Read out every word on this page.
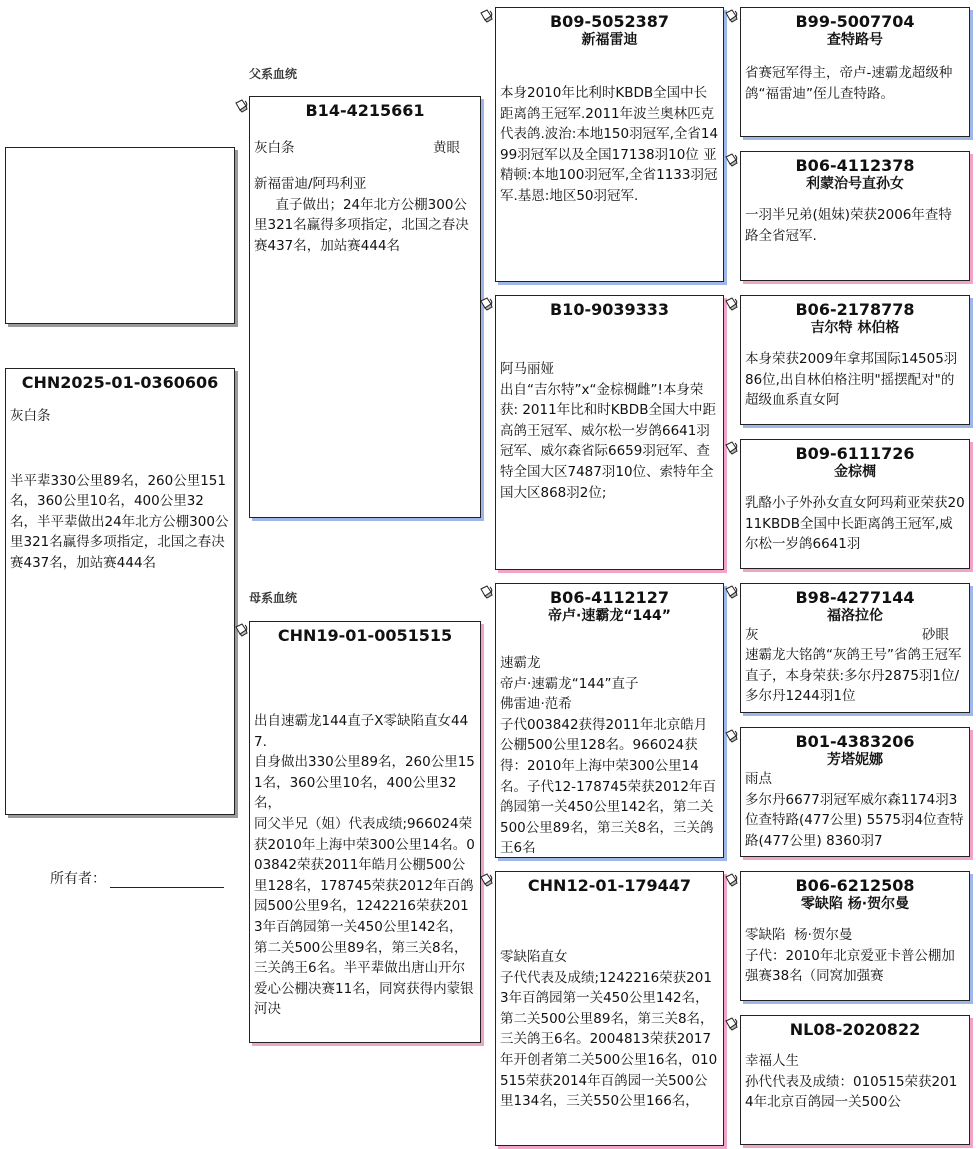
CHN2025-01-0360606

灰白条

半平辈330公里89名，260公里151名，360公里10名，400公里32名，半平辈做出24年北方公棚300公里321名赢得多项指定，北国之春决赛437名，加站赛444名

所有者：
父系血统
母系血统
B14-4215661
灰白条	黄眼

新福雷迪/阿玛利亚
直子做出；24年北方公棚300公里321名赢得多项指定，北国之春决赛437名，加站赛444名

CHN19-01-0051515

出自速霸龙144直子X零缺陷直女447.
自身做出330公里89名，260公里151名，360公里10名，400公里32名，
同父半兄（姐）代表成绩;966024荣获2010年上海中荣300公里14名。003842荣获2011年皓月公棚500公里128名，178745荣获2012年百鸽园500公里9名，1242216荣获2013年百鸽园第一关450公里142名，第二关500公里89名，第三关8名，三关鸽王6名。半平辈做出唐山开尔爱心公棚决赛11名，同窝获得内蒙银河决

B09-5052387
新福雷迪

本身2010年比利时KBDB全国中长距离鸽王冠军.2011年波兰奥林匹克代表鸽.波治:本地150羽冠军,全省1499羽冠军以及全国17138羽10位 亚精顿:本地100羽冠军,全省1133羽冠军.基恩:地区50羽冠军.

B10-9039333

阿马丽娅
出自“吉尔特”x“金棕椆雌”!本身荣获: 2011年比和时KBDB全国大中距高鸽王冠军、威尔松一岁鸽6641羽冠军、威尔森省际6659羽冠军、查特全国大区7487羽10位、索特年全国大区868羽2位;

B06-4112127
帝卢·速霸龙“144”

速霸龙
帝卢·速霸龙“144”直子
佛雷迪·范希
子代003842获得2011年北京皓月公棚500公里128名。966024获得：2010年上海中荣300公里14名。子代12-178745荣获2012年百鸽园第一关450公里142名，第二关500公里89名，第三关8名，三关鸽王6名

CHN12-01-179447

零缺陷直女
子代代表及成绩;1242216荣获2013年百鸽园第一关450公里142名，第二关500公里89名，第三关8名，三关鸽王6名。2004813荣获2017年开创者第二关500公里16名，010515荣获2014年百鸽园一关500公里134名，三关550公里166名，

B99-5007704
查特路号

省赛冠军得主，帝卢-速霸龙超级种鸽“福雷迪”侄儿查特路。

B06-4112378
利蒙治号直孙女

一羽半兄弟(姐妹)荣获2006年查特路全省冠军.

B06-2178778
吉尔特 林伯格

本身荣获2009年拿邦国际14505羽86位,出自林伯格注明"摇摆配对"的超级血系直女阿

B09-6111726
金棕椆

乳酪小子外孙女直女阿玛莉亚荣获2011KBDB全国中长距离鸽王冠军,威尔松一岁鸽6641羽

B98-4277144
福洛拉伦
灰	砂眼

速霸龙大铭鸽“灰鸽王号”省鸽王冠军直子，本身荣获:多尔丹2875羽1位/多尔丹1244羽1位

B01-4383206
芳塔妮娜

雨点
多尔丹6677羽冠军威尔森1174羽3位查特路(477公里) 5575羽4位查特路(477公里) 8360羽7

B06-6212508
零缺陷 杨·贺尔曼

零缺陷  杨·贺尔曼
子代：2010年北京爱亚卡普公棚加强赛38名（同窝加强赛

NL08-2020822

幸福人生
孙代代表及成绩：010515荣获2014年北京百鸽园一关500公
